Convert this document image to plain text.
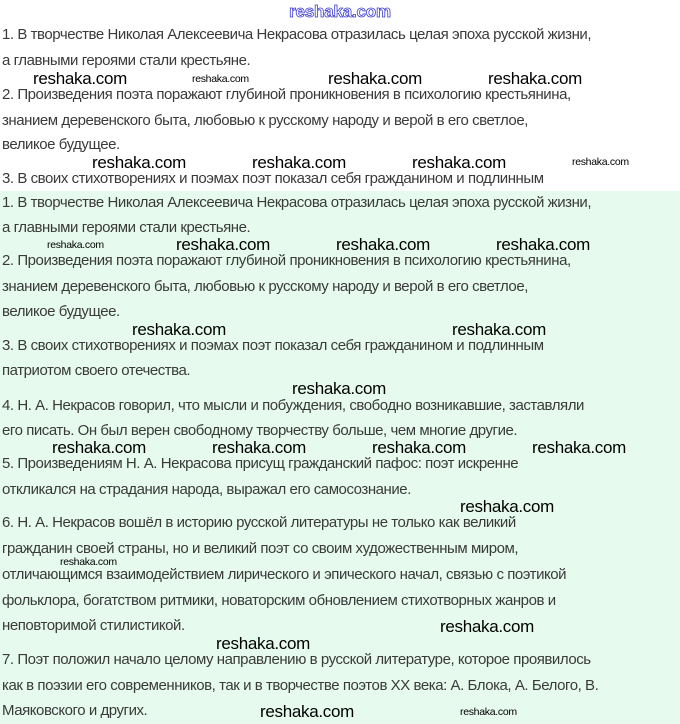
reshaka.com
1. В творчестве Николая Алексеевича Некрасова отразилась целая эпоха русской жизни,
а главными героями стали крестьяне.
2. Произведения поэта поражают глубиной проникновения в психологию крестьянина,
знанием деревенского быта, любовью к русскому народу и верой в его светлое,
великое будущее.
3. В своих стихотворениях и поэмах поэт показал себя гражданином и подлинным
1. В творчестве Николая Алексеевича Некрасова отразилась целая эпоха русской жизни,
а главными героями стали крестьяне.
2. Произведения поэта поражают глубиной проникновения в психологию крестьянина,
знанием деревенского быта, любовью к русскому народу и верой в его светлое,
великое будущее.
3. В своих стихотворениях и поэмах поэт показал себя гражданином и подлинным
патриотом своего отечества.
4. Н. А. Некрасов говорил, что мысли и побуждения, свободно возникавшие, заставляли
его писать. Он был верен свободному творчеству больше, чем многие другие.
5. Произведениям Н. А. Некрасова присущ гражданский пафос: поэт искренне
откликался на страдания народа, выражал его самосознание.
6. Н. А. Некрасов вошёл в историю русской литературы не только как великий
гражданин своей страны, но и великий поэт со своим художественным миром,
отличающимся взаимодействием лирического и эпического начал, связью с поэтикой
фольклора, богатством ритмики, новаторским обновлением стихотворных жанров и
неповторимой стилистикой.
7. Поэт положил начало целому направлению в русской литературе, которое проявилось
как в поэзии его современников, так и в творчестве поэтов XX века: А. Блока, А. Белого, В.
Маяковского и других.
reshaka.com	reshaka.com	reshaka.com	reshaka.com
reshaka.com	reshaka.com	reshaka.com	reshaka.com
reshaka.com	reshaka.com	reshaka.com	reshaka.com
reshaka.com	reshaka.com
reshaka.com
reshaka.com	reshaka.com	reshaka.com	reshaka.com
reshaka.com
reshaka.com
reshaka.com
reshaka.com
reshaka.com	reshaka.com
